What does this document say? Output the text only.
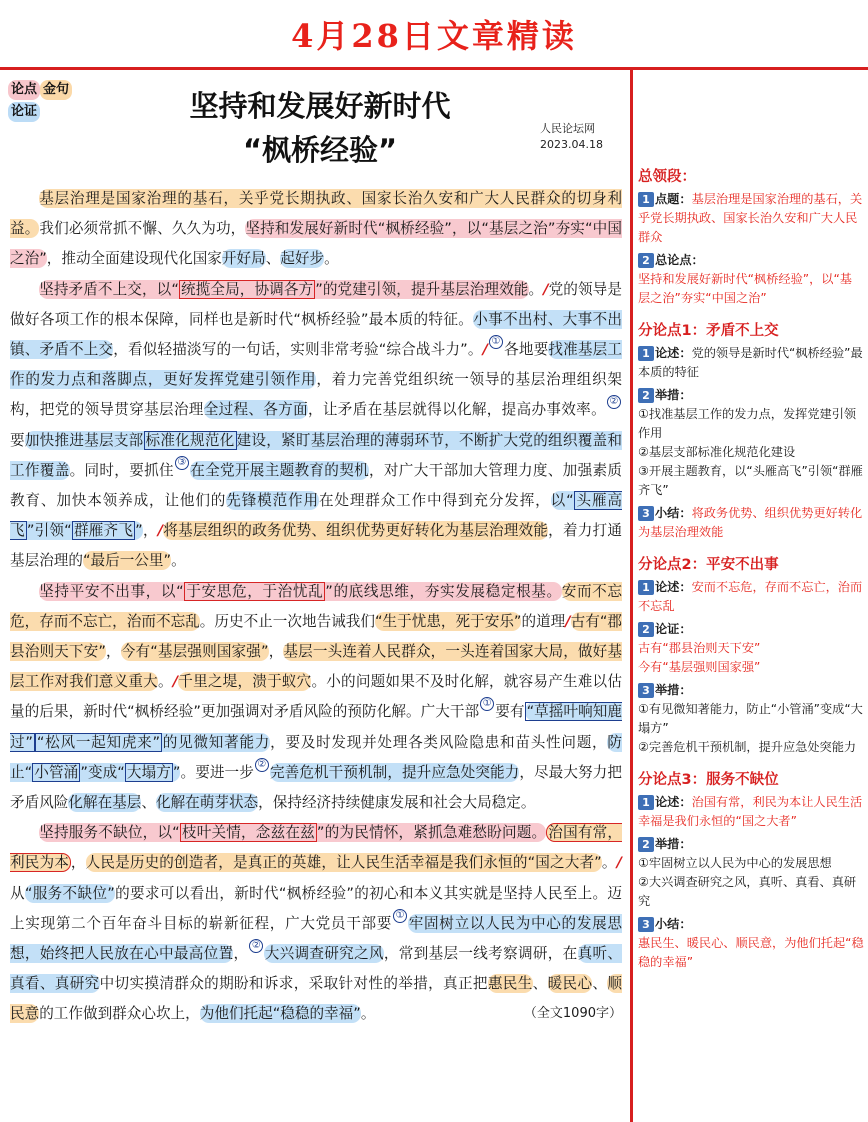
4月28日文章精读
论点 金句
论证	坚持和发展好新时代
“枫桥经验”
人民论坛网
2023.04.18

基层治理是国家治理的基石，关乎党长期执政、国家长治久安和广大人民群众的切身利益。我们必须常抓不懈、久久为功，坚持和发展好新时代“枫桥经验”，以“基层之治”夯实“中国之治”，推动全面建设现代化国家开好局、起好步。

坚持矛盾不上交，以“ 统揽全局，协调各方 ”的党建引领，提升基层治理效能。/党的领导是做好各项工作的根本保障，同样也是新时代“枫桥经验”最本质的特征。小事不出村、大事不出镇、矛盾不上交，看似轻描淡写的一句话，实则非常考验“综合战斗力”。/ ① 各地要找准基层工作的发力点和落脚点，更好发挥党建引领作用，着力完善党组织统一领导的基层治理组织架构，把党的领导贯穿基层治理全过程、各方面，让矛盾在基层就得以化解，提高办事效率。 ②要加快推进基层支部 标准化规范化 建设，紧盯基层治理的薄弱环节，不断扩大党的组织覆盖和工作覆盖。同时，要抓住 ③ 在全党开展主题教育的契机，对广大干部加大管理力度、加强素质教育、加快本领养成，让他们的先锋模范作用在处理群众工作中得到充分发挥，以“ 头雁高飞 ”引领“ 群雁齐飞 ”，/将基层组织的政务优势、组织优势更好转化为基层治理效能，着力打通基层治理的“最后一公里”。

坚持平安不出事，以“ 于安思危，于治忧乱 ”的底线思维，夯实发展稳定根基。安而不忘危，存而不忘亡，治而不忘乱。历史不止一次地告诫我们“生于忧患，死于安乐”的道理/古有“郡县治则天下安”，今有“基层强则国家强”，基层一头连着人民群众，一头连着国家大局，做好基层工作对我们意义重大。/千里之堤，溃于蚁穴。小的问题如果不及时化解，就容易产生难以估量的后果，新时代“枫桥经验”更加强调对矛盾风险的预防化解。广大干部 ① 要有 “草摇叶响知鹿过” “松风一起知虎来” 的见微知著能力，要及时发现并处理各类风险隐患和苗头性问题，防止“ 小管涌 ”变成“ 大塌方 ”。要进一步 ② 完善危机干预机制，提升应急处突能力，尽最大努力把矛盾风险化解在基层、化解在萌芽状态，保持经济持续健康发展和社会大局稳定。

坚持服务不缺位，以“ 枝叶关情，念兹在兹 ”的为民情怀，紧抓急难愁盼问题。 治国有常，利民为本 ，人民是历史的创造者，是真正的英雄，让人民生活幸福是我们永恒的“国之大者”。/从“服务不缺位”的要求可以看出，新时代“枫桥经验”的初心和本义其实就是坚持人民至上。迈上实现第二个百年奋斗目标的崭新征程，广大党员干部要 ① 牢固树立以人民为中心的发展思想，始终把人民放在心中最高位置， ② 大兴调查研究之风，常到基层一线考察调研，在真听、真看、真研究中切实摸清群众的期盼和诉求，采取针对性的举措，真正把惠民生、暖民心、顺民意的工作做到群众心坎上，为他们托起“稳稳的幸福”。	（全文1090字）

总领段：
1 点题：基层治理是国家治理的基石，关乎党长期执政、国家长治久安和广大人民群众
2 总论点：
坚持和发展好新时代“枫桥经验”，以“基层之治”夯实“中国之治”
分论点1：矛盾不上交
1 论述：党的领导是新时代“枫桥经验”最本质的特征
2 举措：
①找准基层工作的发力点，发挥党建引领作用
②基层支部标准化规范化建设
③开展主题教育，以“头雁高飞”引领“群雁齐飞”
3 小结：将政务优势、组织优势更好转化为基层治理效能
分论点2：平安不出事
1 论述：安而不忘危，存而不忘亡，治而不忘乱
2 论证：
古有“郡县治则天下安”
今有“基层强则国家强”
3 举措：
①有见微知著能力，防止“小管涌”变成“大塌方”
②完善危机干预机制，提升应急处突能力
分论点3：服务不缺位
1 论述：治国有常，利民为本让人民生活幸福是我们永恒的“国之大者”
2 举措：
①牢固树立以人民为中心的发展思想
②大兴调查研究之风，真听、真看、真研究
3 小结：
惠民生、暖民心、顺民意，为他们托起“稳稳的幸福”
